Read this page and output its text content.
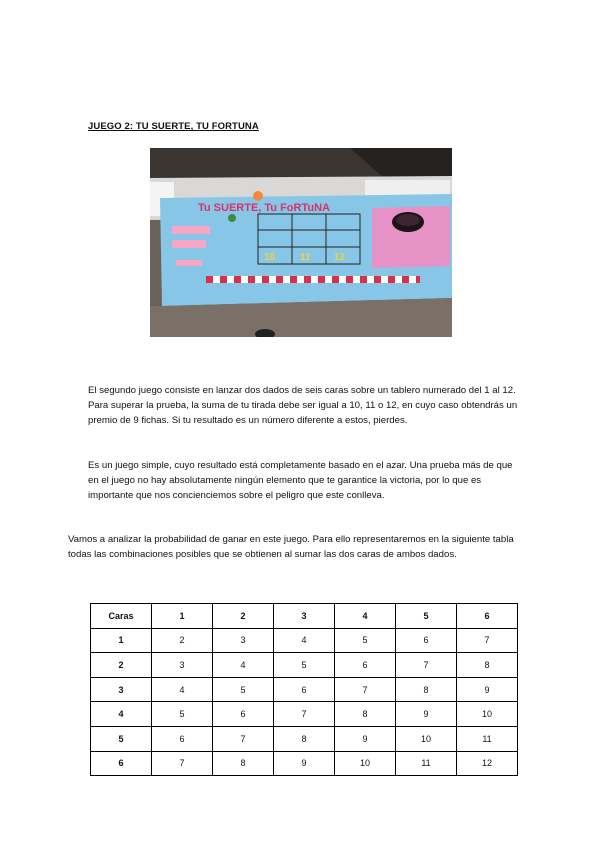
JUEGO 2: TU SUERTE, TU FORTUNA
Tu SUERTE, Tu FoRTuNA
10 11 12

El segundo juego consiste en lanzar dos dados de seis caras sobre un tablero numerado del 1 al 12. Para superar la prueba, la suma de tu tirada debe ser igual a 10, 11 o 12, en cuyo caso obtendrás un premio de 9 fichas. Si tu resultado es un número diferente a estos, pierdes.

Es un juego simple, cuyo resultado está completamente basado en el azar. Una prueba más de que en el juego no hay absolutamente ningún elemento que te garantice la victoria, por lo que es importante que nos concienciemos sobre el peligro que este conlleva.

Vamos a analizar la probabilidad de ganar en este juego. Para ello representaremos en la siguiente tabla todas las combinaciones posibles que se obtienen al sumar las dos caras de ambos dados.

Caras	1	2	3	4	5	6
1	2	3	4	5	6	7
2	3	4	5	6	7	8
3	4	5	6	7	8	9
4	5	6	7	8	9	10
5	6	7	8	9	10	11
6	7	8	9	10	11	12
